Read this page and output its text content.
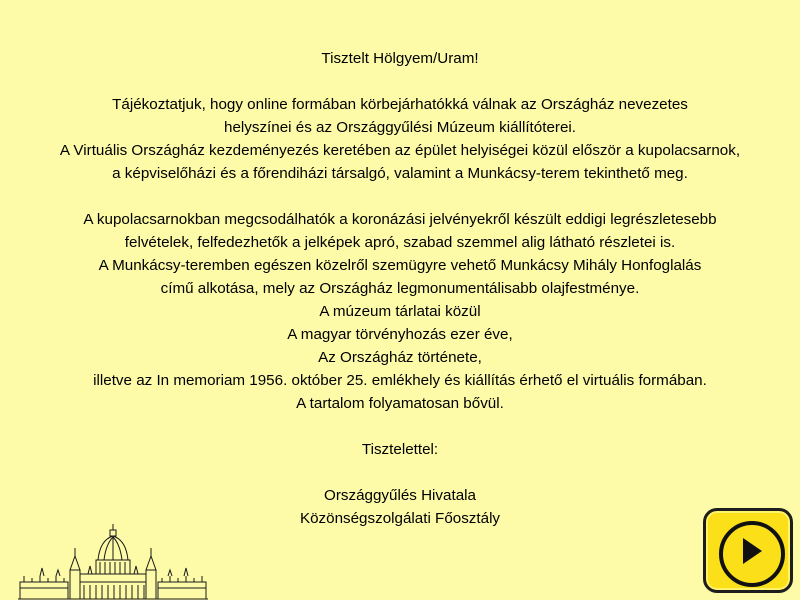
Tisztelt Hölgyem/Uram!
Tájékoztatjuk, hogy online formában körbejárhatókká válnak az Országház nevezetes
helyszínei és az Országgyűlési Múzeum kiállítóterei.
A Virtuális Országház kezdeményezés keretében az épület helyiségei közül először a kupolacsarnok,
a képviselőházi és a főrendiházi társalgó, valamint a Munkácsy-terem tekinthető meg.
A kupolacsarnokban megcsodálhatók a koronázási jelvényekről készült eddigi legrészletesebb
felvételek, felfedezhetők a jelképek apró, szabad szemmel alig látható részletei is.
A Munkácsy-teremben egészen közelről szemügyre vehető Munkácsy Mihály Honfoglalás
című alkotása, mely az Országház legmonumentálisabb olajfestménye.
A múzeum tárlatai közül
A magyar törvényhozás ezer éve,
Az Országház története,
illetve az In memoriam 1956. október 25. emlékhely és kiállítás érhető el virtuális formában.
A tartalom folyamatosan bővül.
Tisztelettel:
Országgyűlés Hivatala
Közönségszolgálati Főosztály
